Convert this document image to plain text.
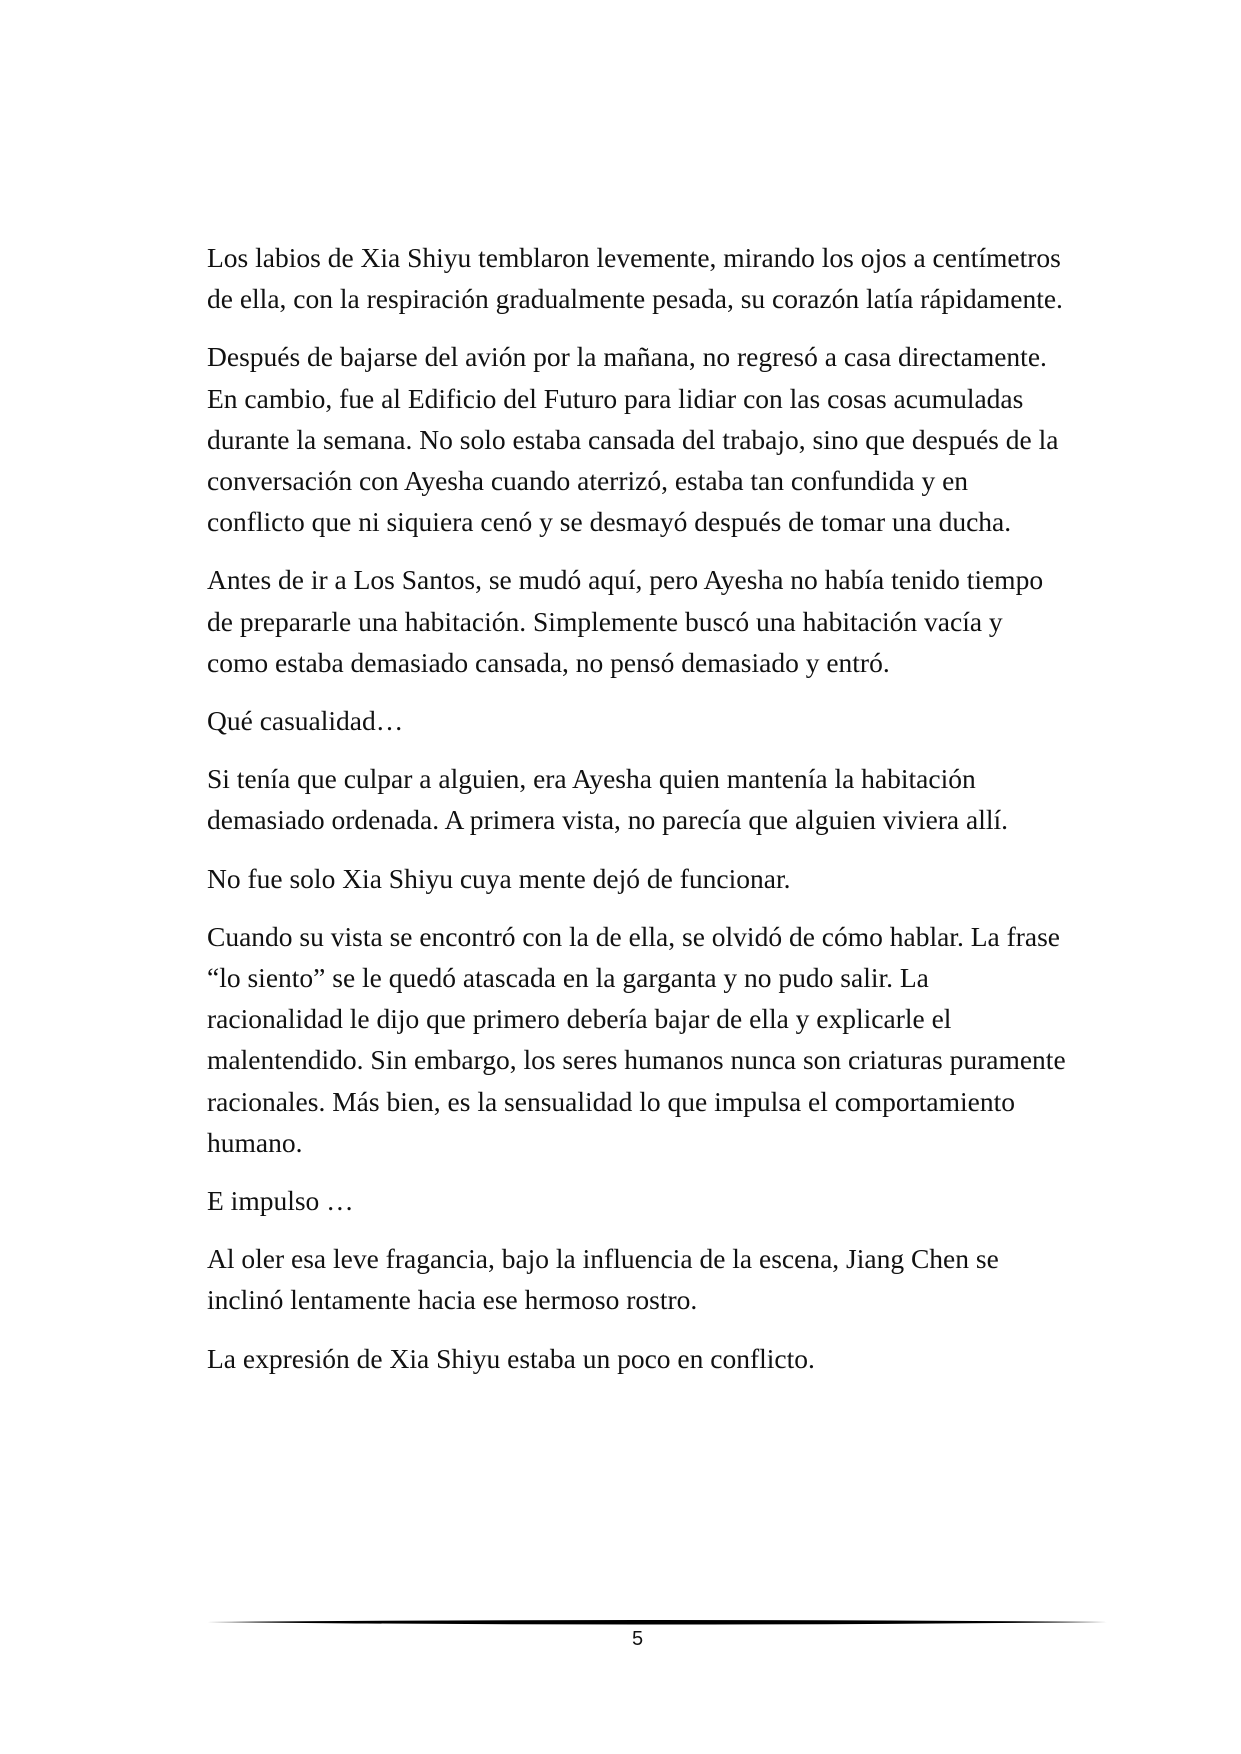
Los labios de Xia Shiyu temblaron levemente, mirando los ojos a centímetros de ella, con la respiración gradualmente pesada, su corazón latía rápidamente.

Después de bajarse del avión por la mañana, no regresó a casa directamente. En cambio, fue al Edificio del Futuro para lidiar con las cosas acumuladas durante la semana. No solo estaba cansada del trabajo, sino que después de la conversación con Ayesha cuando aterrizó, estaba tan confundida y en conflicto que ni siquiera cenó y se desmayó después de tomar una ducha.

Antes de ir a Los Santos, se mudó aquí, pero Ayesha no había tenido tiempo de prepararle una habitación. Simplemente buscó una habitación vacía y como estaba demasiado cansada, no pensó demasiado y entró.

Qué casualidad…

Si tenía que culpar a alguien, era Ayesha quien mantenía la habitación demasiado ordenada. A primera vista, no parecía que alguien viviera allí.

No fue solo Xia Shiyu cuya mente dejó de funcionar.

Cuando su vista se encontró con la de ella, se olvidó de cómo hablar. La frase “lo siento” se le quedó atascada en la garganta y no pudo salir. La racionalidad le dijo que primero debería bajar de ella y explicarle el malentendido. Sin embargo, los seres humanos nunca son criaturas puramente racionales. Más bien, es la sensualidad lo que impulsa el comportamiento humano.

E impulso …

Al oler esa leve fragancia, bajo la influencia de la escena, Jiang Chen se inclinó lentamente hacia ese hermoso rostro.

La expresión de Xia Shiyu estaba un poco en conflicto.

5
